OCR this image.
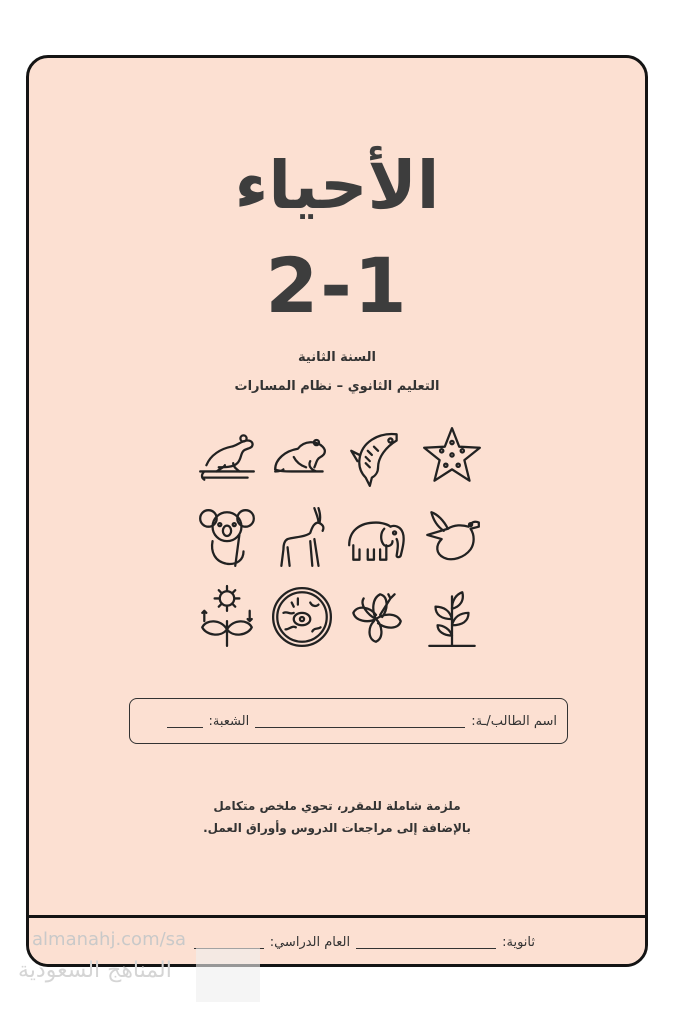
الأحياء
2-1
السنة الثانية
التعليم الثانوي – نظام المسارات
اسم الطالب/ـة:
الشعبة:
ملزمة شاملة للمقرر، تحوي ملخص متكامل
بالإضافة إلى مراجعات الدروس وأوراق العمل.
ثانوية:
العام الدراسي:
almanahj.com/sa
المناهج السعودية
